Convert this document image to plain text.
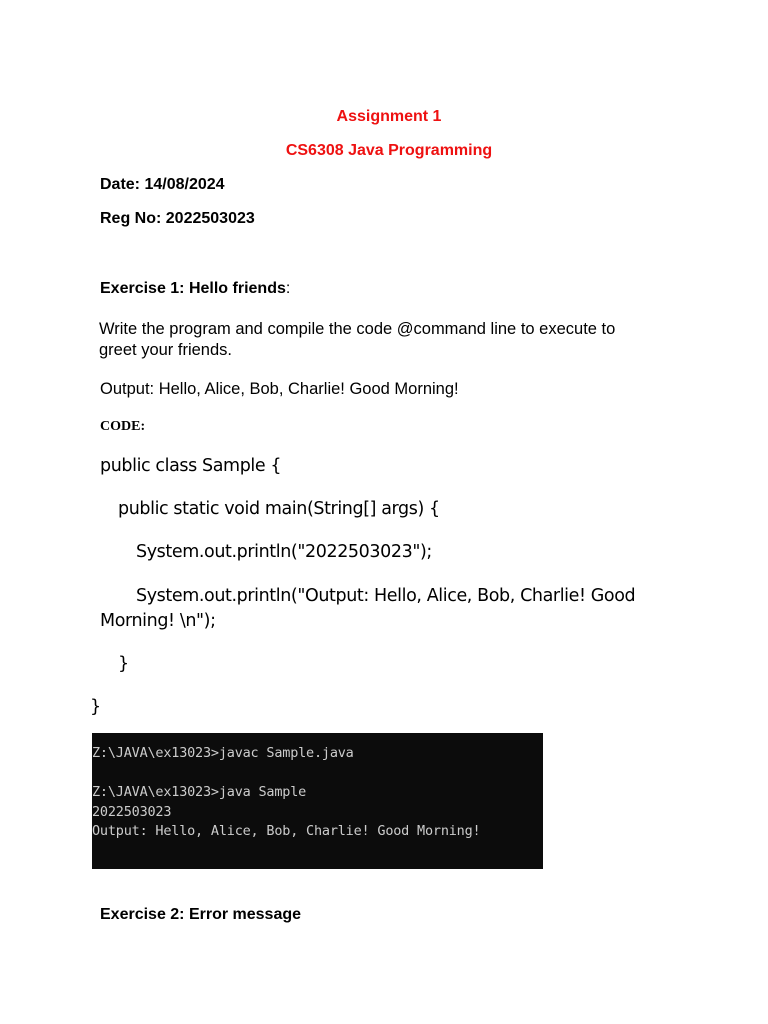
Assignment 1
CS6308 Java Programming
Date: 14/08/2024
Reg No: 2022503023
Exercise 1: Hello friends:
Write the program and compile the code @command line to execute to
greet your friends.
Output: Hello, Alice, Bob, Charlie! Good Morning!
CODE:
public class Sample {
public static void main(String[] args) {
System.out.println("2022503023");
System.out.println("Output: Hello, Alice, Bob, Charlie! Good
Morning! \n");
}
}
Z:\JAVA\ex13023>javac Sample.java
Z:\JAVA\ex13023>java Sample
2022503023
Output: Hello, Alice, Bob, Charlie! Good Morning!
Exercise 2: Error message
